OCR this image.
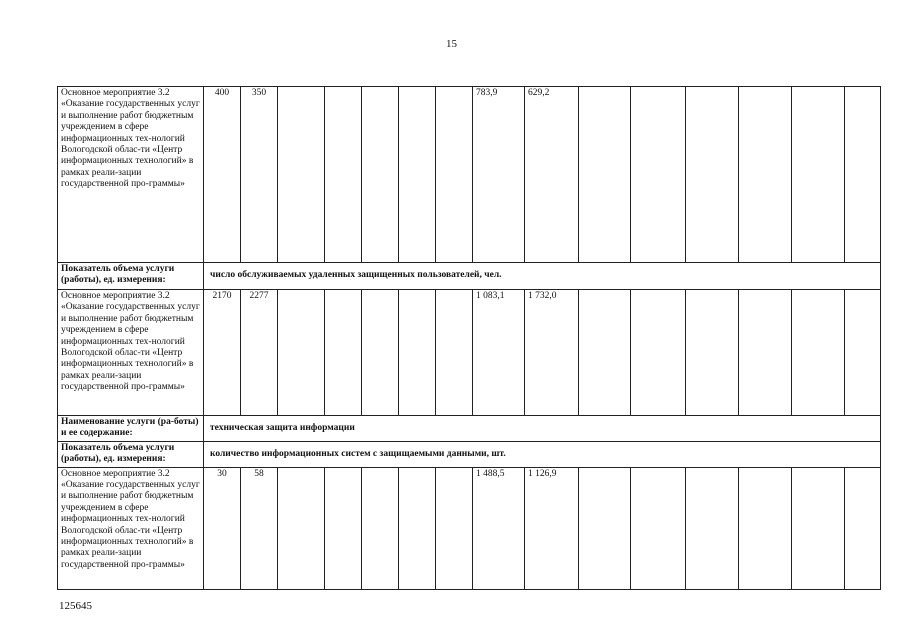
15
Основное мероприятие 3.2 «Оказание государственных услуг и выполнение работ бюджетным учреждением в сфере информационных тех-нологий Вологодской облас-ти «Центр информационных технологий» в рамках реали-зации государственной про-граммы»	400	350						783,9	629,2						
Показатель объема услуги (работы), ед. измерения:	число обслуживаемых удаленных защищенных пользователей, чел.														
Основное мероприятие 3.2 «Оказание государственных услуг и выполнение работ бюджетным учреждением в сфере информационных тех-нологий Вологодской облас-ти «Центр информационных технологий» в рамках реали-зации государственной про-граммы»	2170	2277						1 083,1	1 732,0						
Наименование услуги (ра-боты) и ее содержание:	техническая защита информации														
Показатель объема услуги (работы), ед. измерения:	количество информационных систем с защищаемыми данными, шт.														
Основное мероприятие 3.2 «Оказание государственных услуг и выполнение работ бюджетным учреждением в сфере информационных тех-нологий Вологодской облас-ти «Центр информационных технологий» в рамках реали-зации государственной про-граммы»	30	58						1 488,5	1 126,9						
125645
